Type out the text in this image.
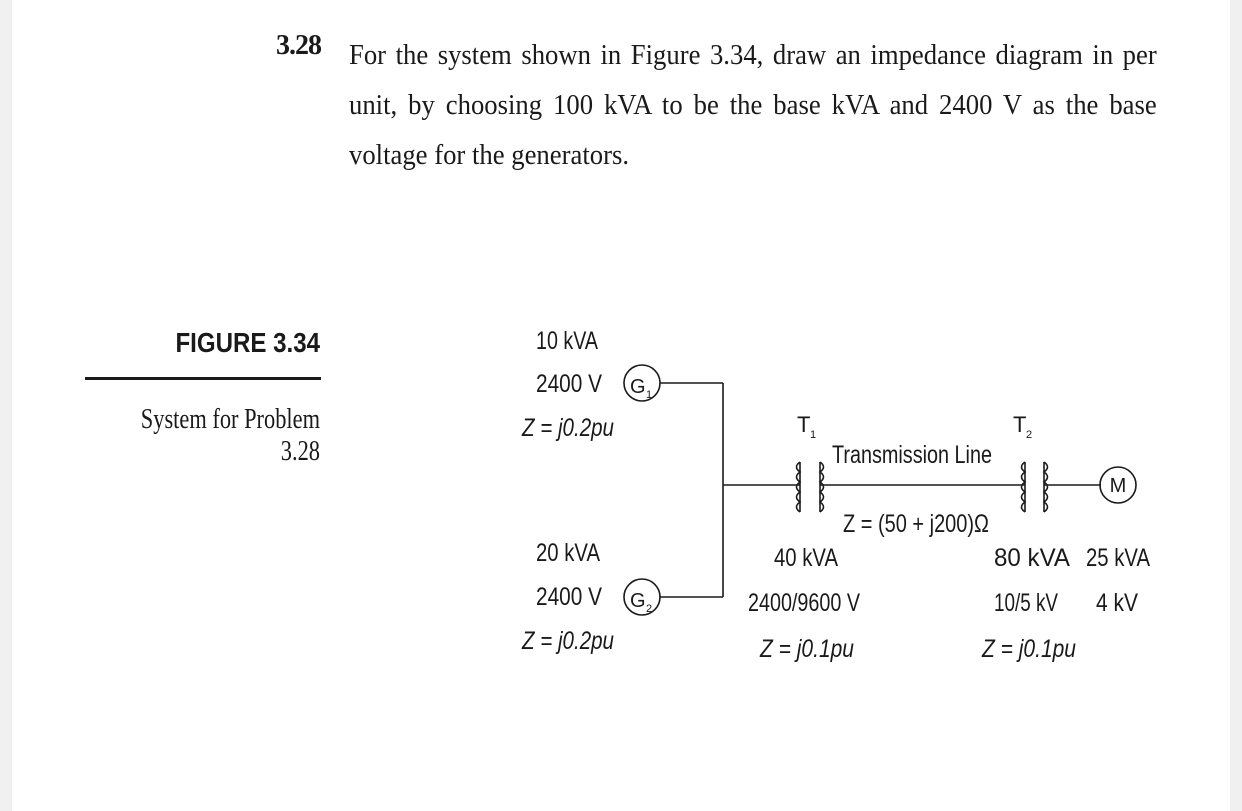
3.28 For the system shown in Figure 3.34, draw an impedance diagram in per unit, by choosing 100 kVA to be the base kVA and 2400 V as the base voltage for the generators.
FIGURE 3.34
System for Problem 3.28
G 1
G 2
M
10 kVA
2400 V
Z = j0.2pu
20 kVA
2400 V
Z = j0.2pu
T 1
40 kVA
2400/9600 V
Z = j0.1pu
Transmission Line
Z = (50 + j200)Ω
T 2
80 kVA
10/5 kV
Z = j0.1pu
25 kVA
4 kV
